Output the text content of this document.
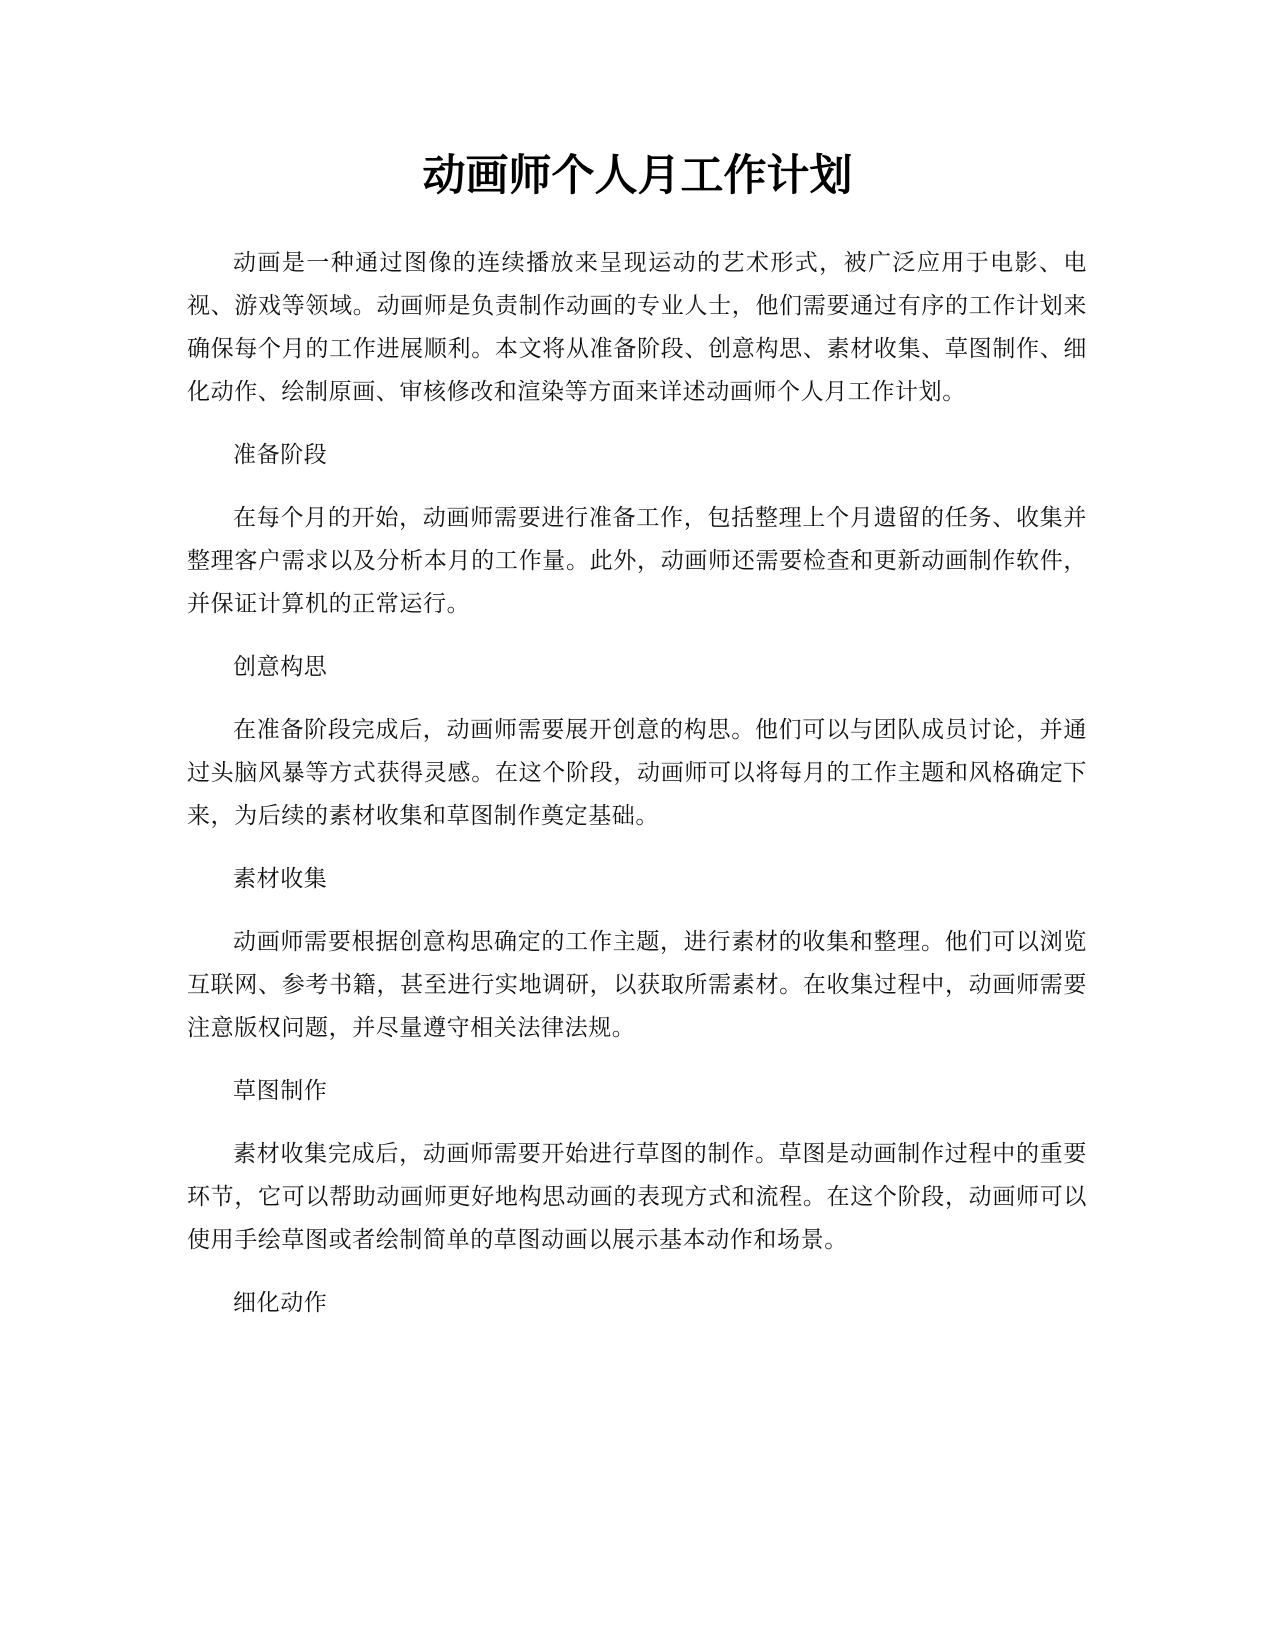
动画师个人月工作计划

动画是一种通过图像的连续播放来呈现运动的艺术形式，被广泛应用于电影、电视、游戏等领域。动画师是负责制作动画的专业人士，他们需要通过有序的工作计划来确保每个月的工作进展顺利。本文将从准备阶段、创意构思、素材收集、草图制作、细化动作、绘制原画、审核修改和渲染等方面来详述动画师个人月工作计划。

准备阶段

在每个月的开始，动画师需要进行准备工作，包括整理上个月遗留的任务、收集并整理客户需求以及分析本月的工作量。此外，动画师还需要检查和更新动画制作软件，并保证计算机的正常运行。

创意构思

在准备阶段完成后，动画师需要展开创意的构思。他们可以与团队成员讨论，并通过头脑风暴等方式获得灵感。在这个阶段，动画师可以将每月的工作主题和风格确定下来，为后续的素材收集和草图制作奠定基础。

素材收集

动画师需要根据创意构思确定的工作主题，进行素材的收集和整理。他们可以浏览互联网、参考书籍，甚至进行实地调研，以获取所需素材。在收集过程中，动画师需要注意版权问题，并尽量遵守相关法律法规。

草图制作

素材收集完成后，动画师需要开始进行草图的制作。草图是动画制作过程中的重要环节，它可以帮助动画师更好地构思动画的表现方式和流程。在这个阶段，动画师可以使用手绘草图或者绘制简单的草图动画以展示基本动作和场景。

细化动作
